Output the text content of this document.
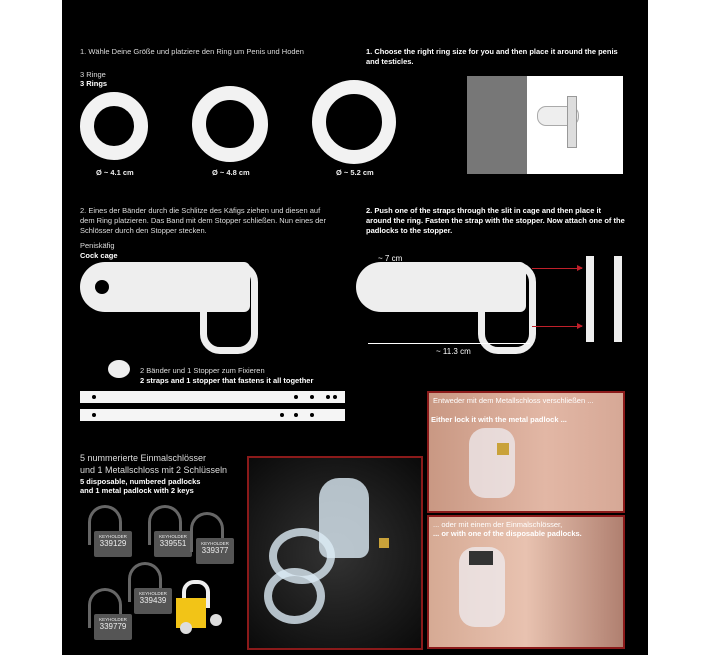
1. Wähle Deine Größe und platziere den Ring um Penis und Hoden	1. Choose the right ring size for you and then place it around the penis and testicles.
3 Ringe
3 Rings
Ø ~ 4.1 cm	Ø ~ 4.8 cm	Ø ~ 5.2 cm
2. Eines der Bänder durch die Schlitze des Käfigs ziehen und diesen auf dem Ring platzieren. Das Band mit dem Stopper schließen. Nun eines der Schlösser durch den Stopper stecken.
2. Push one of the straps through the slit in cage and then place it around the ring. Fasten the strap with the stopper. Now attach one of the padlocks to the stopper.
Peniskäfig
Cock cage
2 Bänder und 1 Stopper zum Fixieren
2 straps and 1 stopper that fastens it all together
~ 7 cm
~ 11.3 cm
5 nummerierte Einmalschlösser
und 1 Metallschloss mit 2 Schlüsseln
5 disposable, numbered padlocks
and 1 metal padlock with 2 keys
KEYHOLDER
339129
KEYHOLDER
339551	KEYHOLDER
339377
KEYHOLDER
339439
KEYHOLDER
339779
Entweder mit dem Metallschloss verschließen ...
Either lock it with the metal padlock ...
... oder mit einem der Einmalschlösser,
... or with one of the disposable padlocks.
